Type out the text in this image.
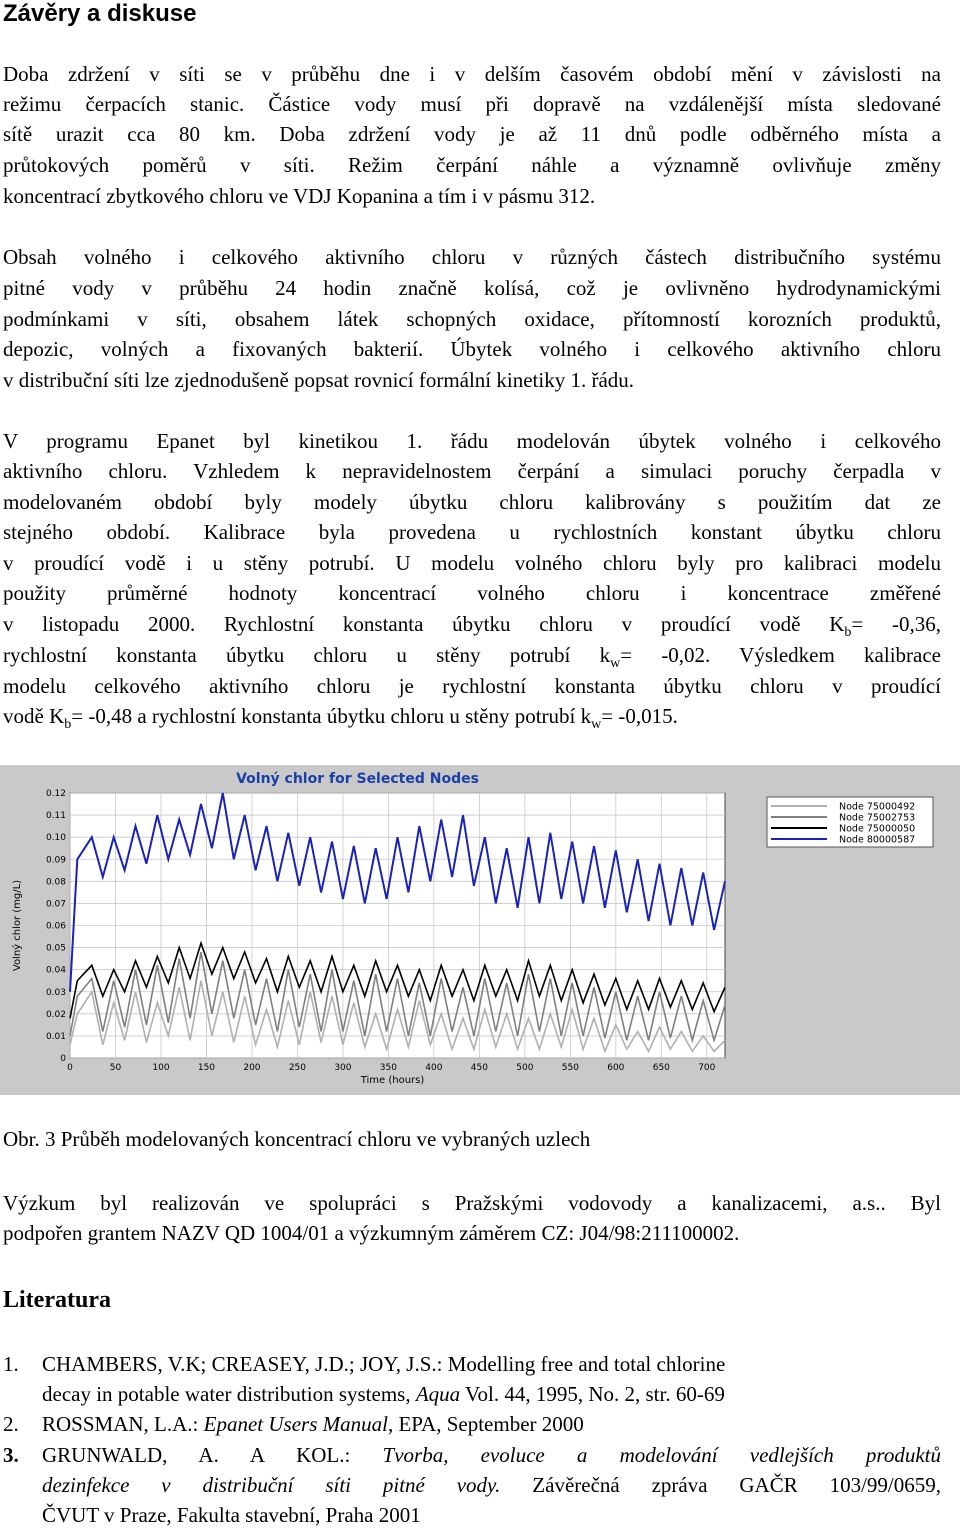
Závěry a diskuse
Doba zdržení v síti se v průběhu dne i v delším časovém období mění v závislosti na
režimu čerpacích stanic. Částice vody musí při dopravě na vzdálenější místa sledované
sítě urazit cca 80 km. Doba zdržení vody je až 11 dnů podle odběrného místa a
průtokových poměrů v síti. Režim čerpání náhle a významně ovlivňuje změny
koncentrací zbytkového chloru ve VDJ Kopanina a tím i v pásmu 312.
Obsah volného i celkového aktivního chloru v různých částech distribučního systému
pitné vody v průběhu 24 hodin značně kolísá, což je ovlivněno hydrodynamickými
podmínkami v síti, obsahem látek schopných oxidace, přítomností korozních produktů,
depozic, volných a fixovaných bakterií. Úbytek volného i celkového aktivního chloru
v distribuční síti lze zjednodušeně popsat rovnicí formální kinetiky 1. řádu.
V programu Epanet byl kinetikou 1. řádu modelován úbytek volného i celkového
aktivního chloru. Vzhledem k nepravidelnostem čerpání a simulaci poruchy čerpadla v
modelovaném období byly modely úbytku chloru kalibrovány s použitím dat ze
stejného období. Kalibrace byla provedena u rychlostních konstant úbytku chloru
v proudící vodě i u stěny potrubí. U modelu volného chloru byly pro kalibraci modelu
použity průměrné hodnoty koncentrací volného chloru i koncentrace změřené
v listopadu 2000. Rychlostní konstanta úbytku chloru v proudící vodě $K_b= -0,36$,
rychlostní konstanta úbytku chloru u stěny potrubí $k_w= -0,02$. Výsledkem kalibrace
modelu celkového aktivního chloru je rychlostní konstanta úbytku chloru v proudící
vodě $K_b= -0,48$ a rychlostní konstanta úbytku chloru u stěny potrubí $k_w= -0,015$.
Volný chlor for Selected Nodes
0
0.01
0.02
0.03
0.04
0.05
0.06
0.07
0.08
0.09
0.10
0.11
0.12
0	50	100	150	200	250	300	350	400	450	500	550	600	650	700
Time (hours)
Volný chlor (mg/L)
Node 75000492
Node 75002753
Node 75000050
Node 80000587
Obr. 3 Průběh modelovaných koncentrací chloru ve vybraných uzlech
Výzkum byl realizován ve spolupráci s Pražskými vodovody a kanalizacemi, a.s.. Byl
podpořen grantem NAZV QD 1004/01 a výzkumným záměrem CZ: J04/98:211100002.
Literatura
1. CHAMBERS, V.K; CREASEY, J.D.; JOY, J.S.: Modelling free and total chlorine
decay in potable water distribution systems, Aqua Vol. 44, 1995, No. 2, str. 60-69
2. ROSSMAN, L.A.: Epanet Users Manual, EPA, September 2000
3. GRUNWALD, A. A KOL.: Tvorba, evoluce a modelování vedlejších produktů
dezinfekce v distribuční síti pitné vody. Závěrečná zpráva GAČR 103/99/0659,
ČVUT v Praze, Fakulta stavební, Praha 2001
